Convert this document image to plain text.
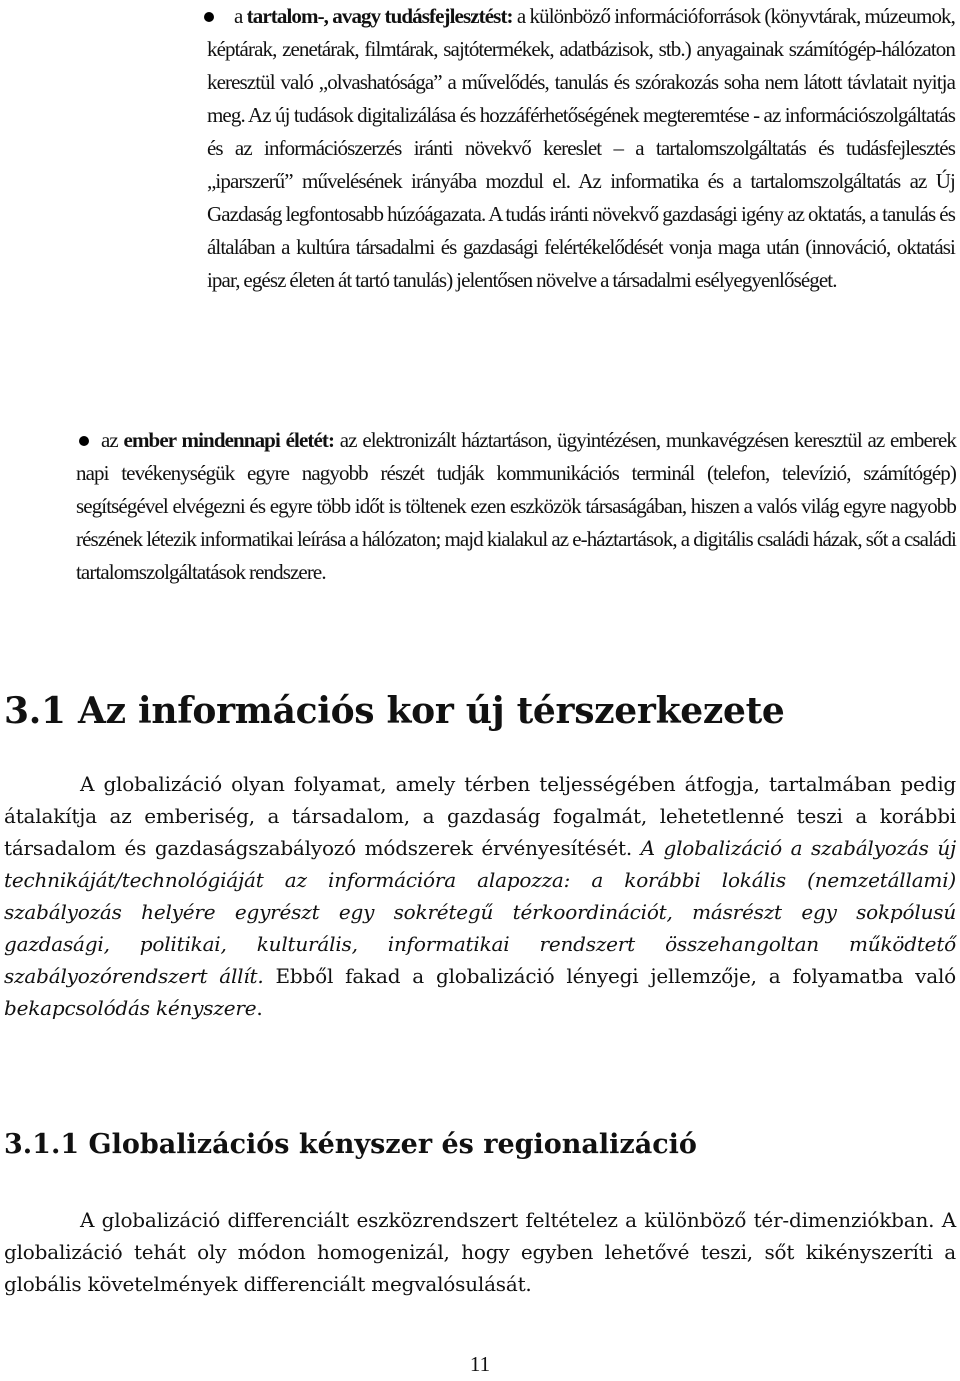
a tartalom-, avagy tudásfejlesztést: a különböző információforrások (könyvtárak, múzeumok, képtárak, zenetárak, filmtárak, sajtótermékek, adatbázisok, stb.) anyagainak számítógép-hálózaton keresztül való „olvashatósága” a művelődés, tanulás és szórakozás soha nem látott távlatait nyitja meg. Az új tudások digitalizálása és hozzáférhetőségének megteremtése - az információszolgáltatás és az információszerzés iránti növekvő kereslet – a tartalomszolgáltatás és tudásfejlesztés „iparszerű” művelésének irányába mozdul el. Az informatika és a tartalomszolgáltatás az Új Gazdaság legfontosabb húzóágazata. A tudás iránti növekvő gazdasági igény az oktatás, a tanulás és általában a kultúra társadalmi és gazdasági felértékelődését vonja maga után (innováció, oktatási ipar, egész életen át tartó tanulás) jelentősen növelve a társadalmi esélyegyenlőséget.
az ember mindennapi életét: az elektronizált háztartáson, ügyintézésen, munkavégzésen keresztül az emberek napi tevékenységük egyre nagyobb részét tudják kommunikációs terminál (telefon, televízió, számítógép) segítségével elvégezni és egyre több időt is töltenek ezen eszközök társaságában, hiszen a valós világ egyre nagyobb részének létezik informatikai leírása a hálózaton; majd kialakul az e-háztartások, a digitális családi házak, sőt a családi tartalomszolgáltatások rendszere.
3.1 Az információs kor új térszerkezete
A globalizáció olyan folyamat, amely térben teljességében átfogja, tartalmában pedig átalakítja az emberiség, a társadalom, a gazdaság fogalmát, lehetetlenné teszi a korábbi társadalom és gazdaságszabályozó módszerek érvényesítését. A globalizáció a szabályozás új technikáját/technológiáját az információra alapozza: a korábbi lokális (nemzetállami) szabályozás helyére egyrészt egy sokrétegű térkoordinációt, másrészt egy sokpólusú gazdasági, politikai, kulturális, informatikai rendszert összehangoltan működtető szabályozórendszert állít. Ebből fakad a globalizáció lényegi jellemzője, a folyamatba való bekapcsolódás kényszere.
3.1.1 Globalizációs kényszer és regionalizáció
A globalizáció differenciált eszközrendszert feltételez a különböző tér-dimenziókban. A globalizáció tehát oly módon homogenizál, hogy egyben lehetővé teszi, sőt kikényszeríti a globális követelmények differenciált megvalósulását.
11
